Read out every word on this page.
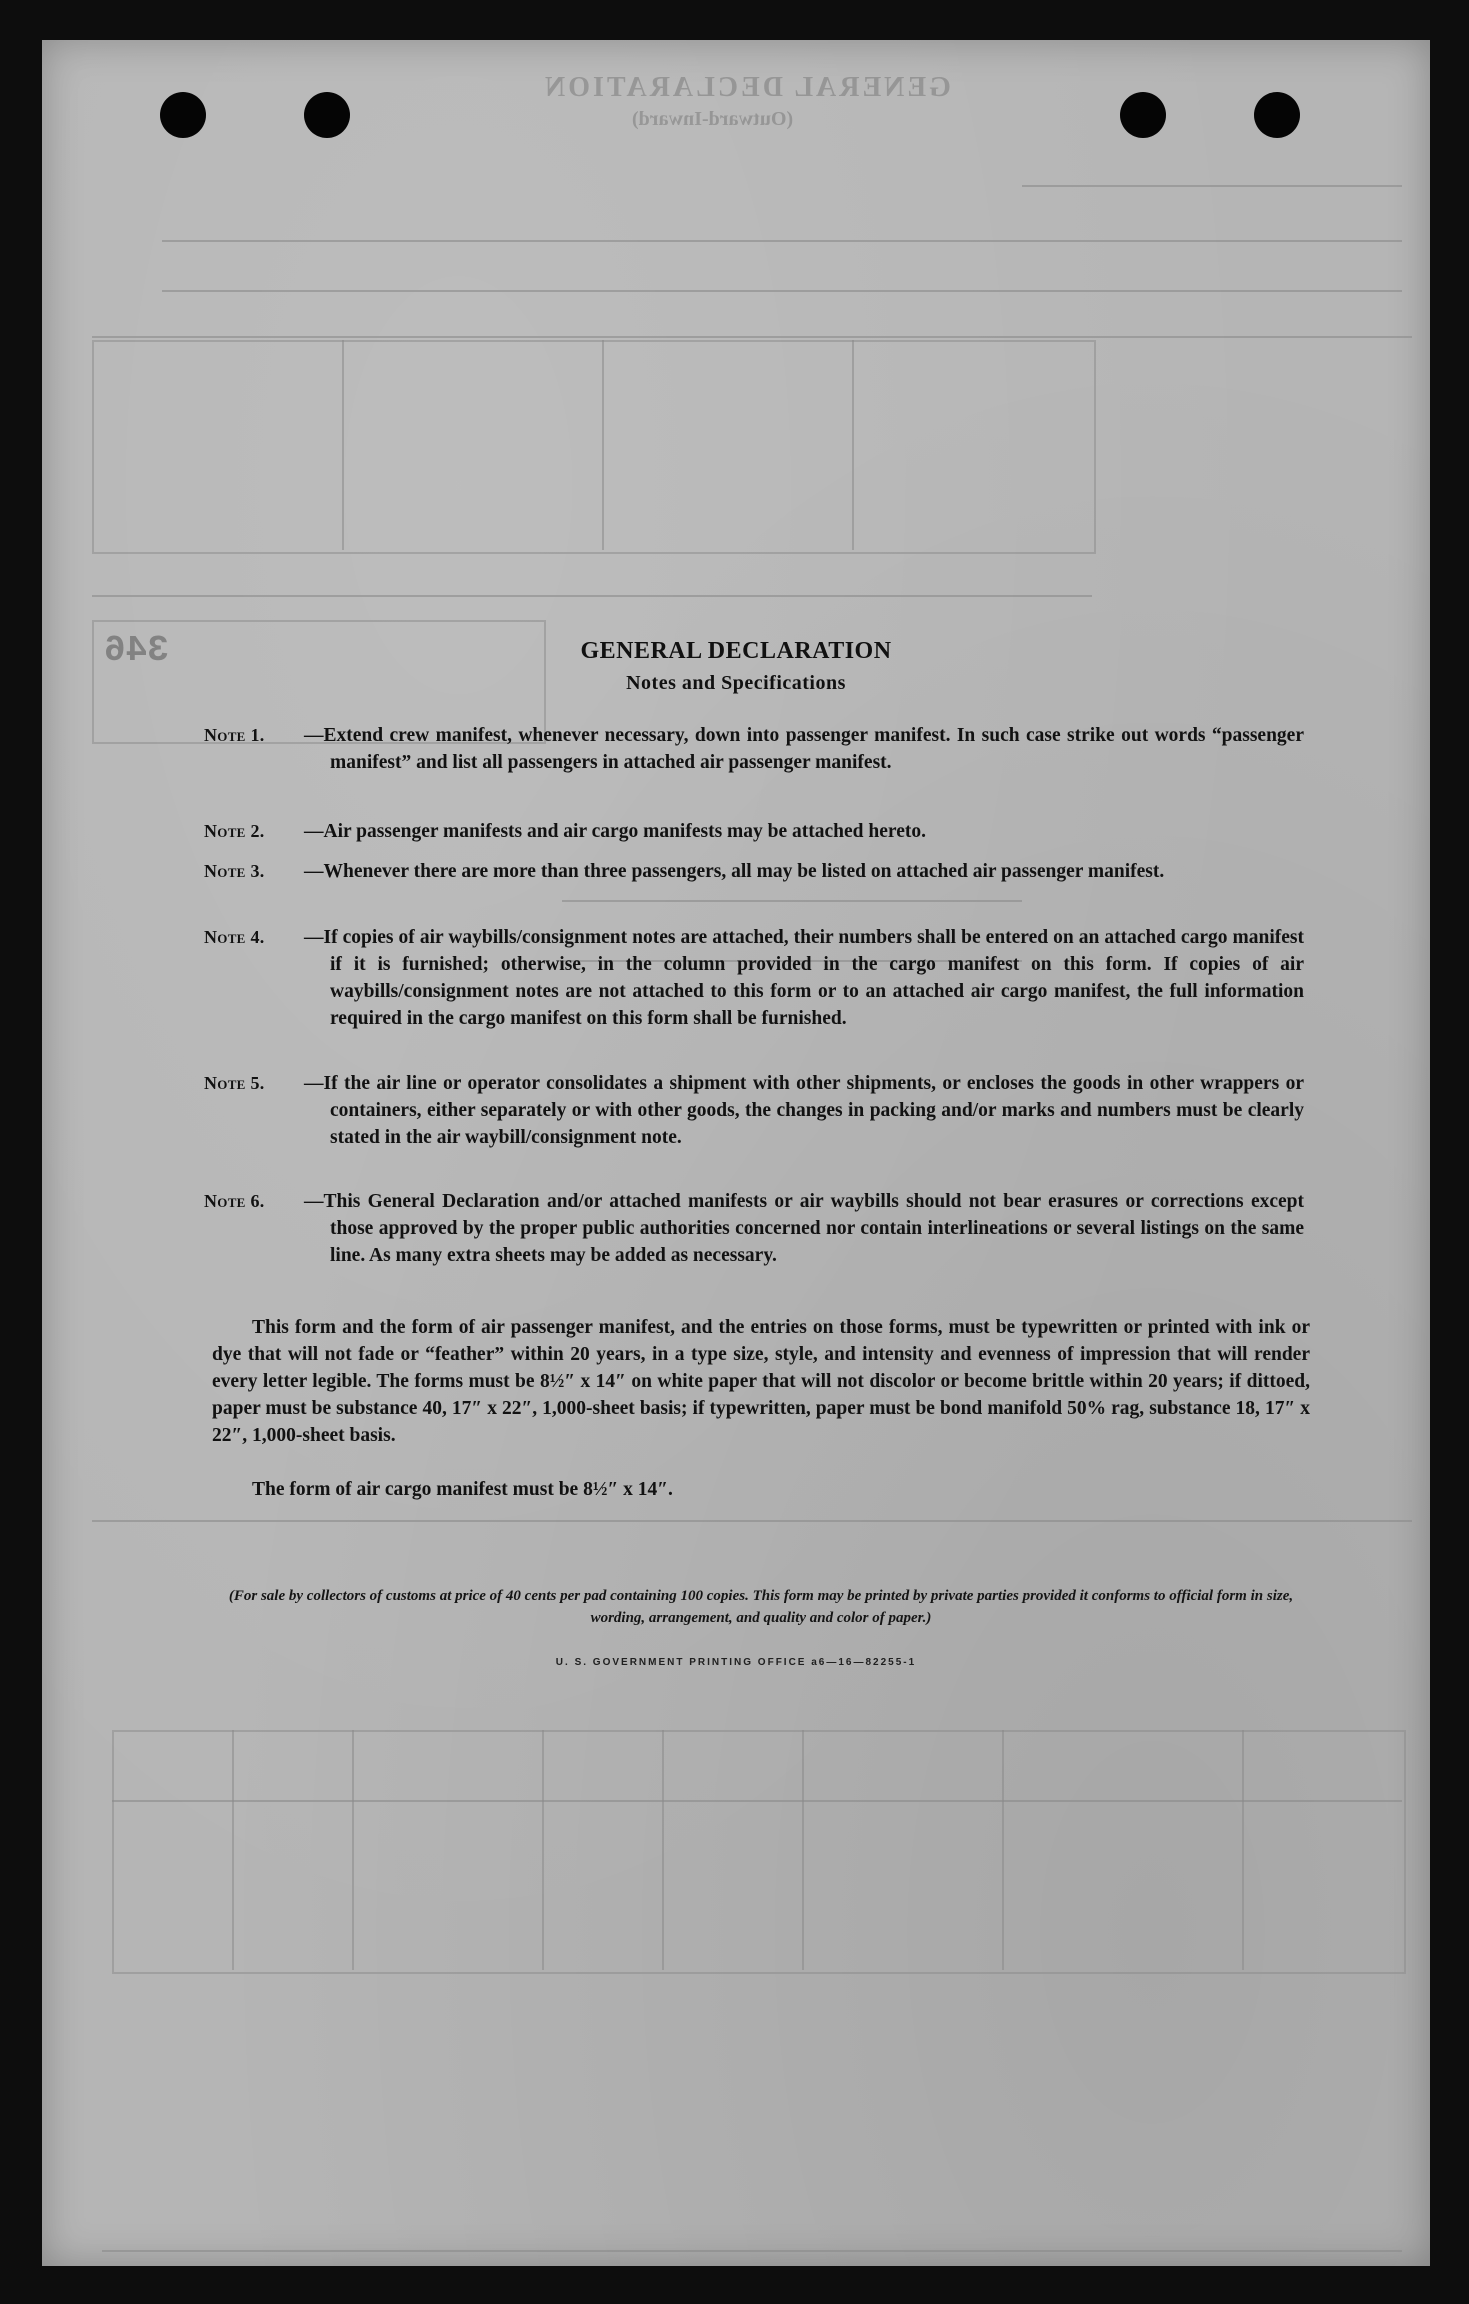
GENERAL DECLARATION
(Outward-Inward)
346	GENERAL DECLARATION
Notes and Specifications
Note 1. —Extend crew manifest, whenever necessary, down into passenger manifest. In such case strike out words “passenger manifest” and list all passengers in attached air passenger manifest.
Note 2. —Air passenger manifests and air cargo manifests may be attached hereto.
Note 3. —Whenever there are more than three passengers, all may be listed on attached air passenger manifest.
Note 4. —If copies of air waybills/consignment notes are attached, their numbers shall be entered on an attached cargo manifest if it is furnished; otherwise, in the column provided in the cargo manifest on this form. If copies of air waybills/consignment notes are not attached to this form or to an attached air cargo manifest, the full information required in the cargo manifest on this form shall be furnished.
Note 5. —If the air line or operator consolidates a shipment with other shipments, or encloses the goods in other wrappers or containers, either separately or with other goods, the changes in packing and/or marks and numbers must be clearly stated in the air waybill/consignment note.
Note 6. —This General Declaration and/or attached manifests or air waybills should not bear erasures or corrections except those approved by the proper public authorities concerned nor contain interlineations or several listings on the same line. As many extra sheets may be added as necessary.
This form and the form of air passenger manifest, and the entries on those forms, must be typewritten or printed with ink or dye that will not fade or “feather” within 20 years, in a type size, style, and intensity and evenness of impression that will render every letter legible. The forms must be 8½″ x 14″ on white paper that will not discolor or become brittle within 20 years; if dittoed, paper must be substance 40, 17″ x 22″, 1,000-sheet basis; if typewritten, paper must be bond manifold 50% rag, substance 18, 17″ x 22″, 1,000-sheet basis.
The form of air cargo manifest must be 8½″ x 14″.
(For sale by collectors of customs at price of 40 cents per pad containing 100 copies. This form may be printed by private parties provided it conforms to official form in size, wording, arrangement, and quality and color of paper.)
U. S. GOVERNMENT PRINTING OFFICE a6—16—82255-1
